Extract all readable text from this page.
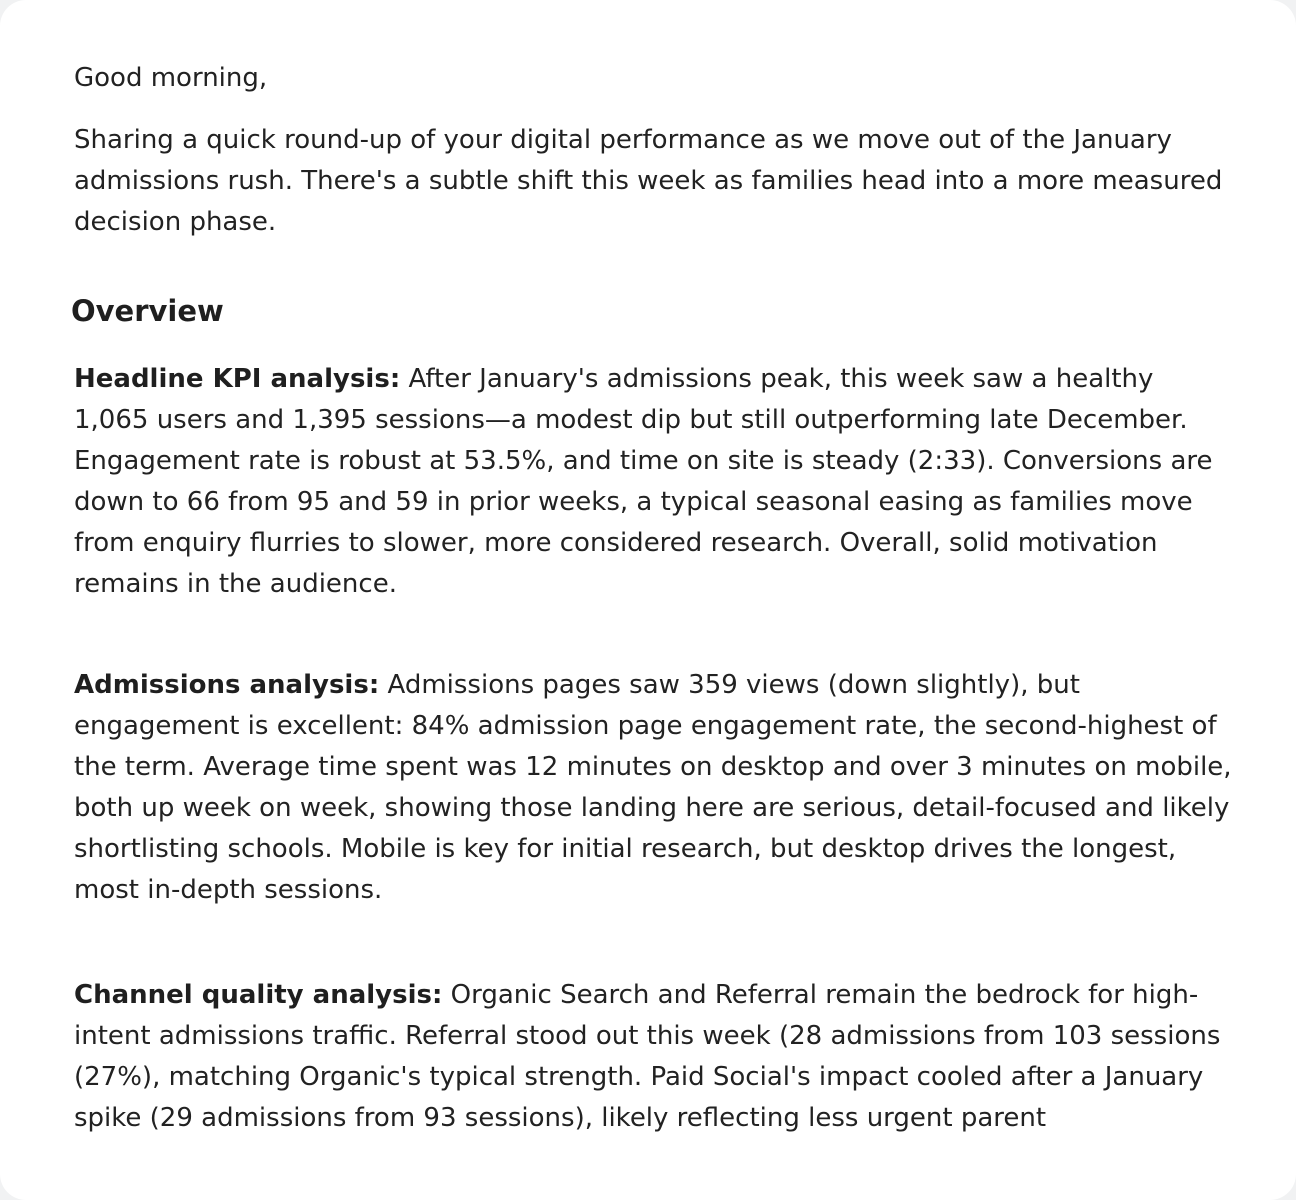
Good morning,

Sharing a quick round-up of your digital performance as we move out of the January admissions rush. There's a subtle shift this week as families head into a more measured decision phase.

Overview

Headline KPI analysis: After January's admissions peak, this week saw a healthy 1,065 users and 1,395 sessions—a modest dip but still outperforming late December. Engagement rate is robust at 53.5%, and time on site is steady (2:33). Conversions are down to 66 from 95 and 59 in prior weeks, a typical seasonal easing as families move from enquiry flurries to slower, more considered research. Overall, solid motivation remains in the audience.

Admissions analysis: Admissions pages saw 359 views (down slightly), but engagement is excellent: 84% admission page engagement rate, the second-highest of the term. Average time spent was 12 minutes on desktop and over 3 minutes on mobile, both up week on week, showing those landing here are serious, detail-focused and likely shortlisting schools. Mobile is key for initial research, but desktop drives the longest, most in-depth sessions.

Channel quality analysis: Organic Search and Referral remain the bedrock for high-intent admissions traffic. Referral stood out this week (28 admissions from 103 sessions (27%), matching Organic's typical strength. Paid Social's impact cooled after a January spike (29 admissions from 93 sessions), likely reflecting less urgent parent
